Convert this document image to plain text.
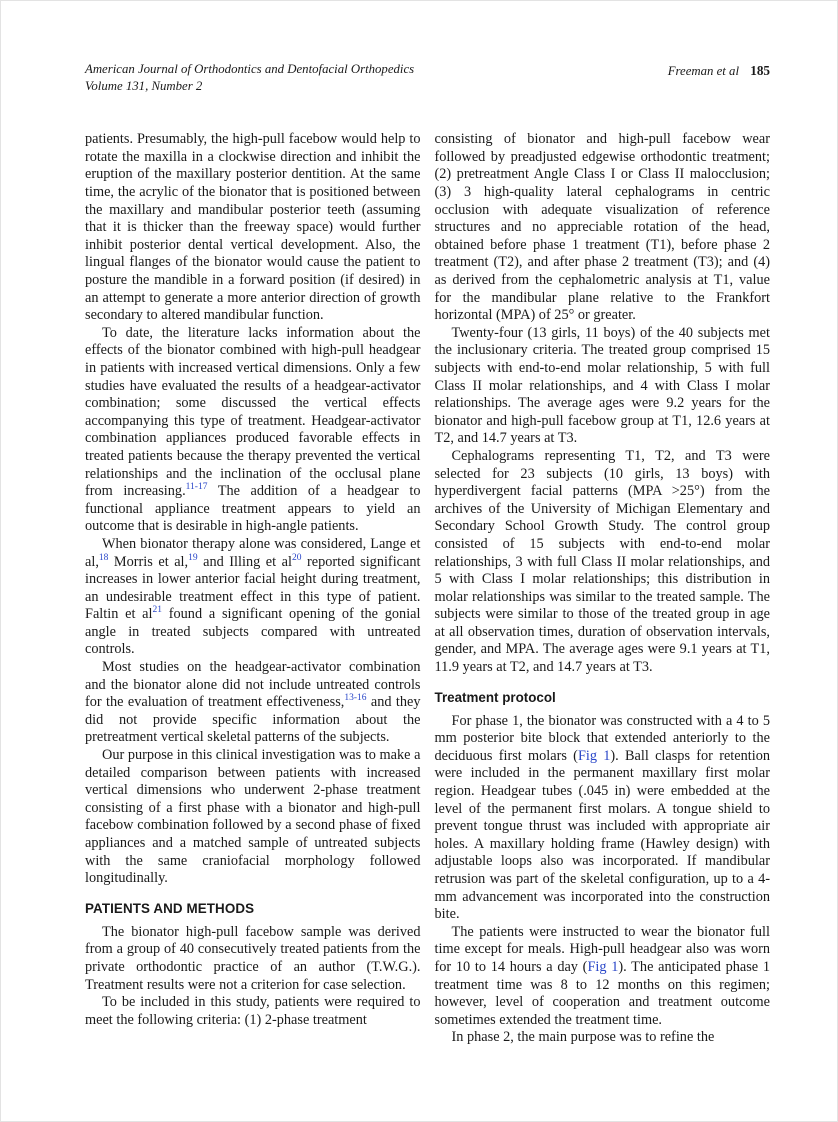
American Journal of Orthodontics and Dentofacial Orthopedics
Volume 131, Number 2
Freeman et al 185

patients. Presumably, the high-pull facebow would help to rotate the maxilla in a clockwise direction and inhibit the eruption of the maxillary posterior dentition. At the same time, the acrylic of the bionator that is positioned between the maxillary and mandibular posterior teeth (assuming that it is thicker than the freeway space) would further inhibit posterior dental vertical development. Also, the lingual flanges of the bionator would cause the patient to posture the mandible in a forward position (if desired) in an attempt to generate a more anterior direction of growth secondary to altered mandibular function.

To date, the literature lacks information about the effects of the bionator combined with high-pull headgear in patients with increased vertical dimensions. Only a few studies have evaluated the results of a headgear-activator combination; some discussed the vertical effects accompanying this type of treatment. Headgear-activator combination appliances produced favorable effects in treated patients because the therapy prevented the vertical relationships and the inclination of the occlusal plane from increasing.$^{11-17}$ The addition of a headgear to functional appliance treatment appears to yield an outcome that is desirable in high-angle patients.

When bionator therapy alone was considered, Lange et al,$^{18}$ Morris et al,$^{19}$ and Illing et al$^{20}$ reported significant increases in lower anterior facial height during treatment, an undesirable treatment effect in this type of patient. Faltin et al$^{21}$ found a significant opening of the gonial angle in treated subjects compared with untreated controls.

Most studies on the headgear-activator combination and the bionator alone did not include untreated controls for the evaluation of treatment effectiveness,$^{13-16}$ and they did not provide specific information about the pretreatment vertical skeletal patterns of the subjects.

Our purpose in this clinical investigation was to make a detailed comparison between patients with increased vertical dimensions who underwent 2-phase treatment consisting of a first phase with a bionator and high-pull facebow combination followed by a second phase of fixed appliances and a matched sample of untreated subjects with the same craniofacial morphology followed longitudinally.

PATIENTS AND METHODS

The bionator high-pull facebow sample was derived from a group of 40 consecutively treated patients from the private orthodontic practice of an author (T.W.G.). Treatment results were not a criterion for case selection.

To be included in this study, patients were required to meet the following criteria: (1) 2-phase treatment

consisting of bionator and high-pull facebow wear followed by preadjusted edgewise orthodontic treatment; (2) pretreatment Angle Class I or Class II malocclusion; (3) 3 high-quality lateral cephalograms in centric occlusion with adequate visualization of reference structures and no appreciable rotation of the head, obtained before phase 1 treatment (T1), before phase 2 treatment (T2), and after phase 2 treatment (T3); and (4) as derived from the cephalometric analysis at T1, value for the mandibular plane relative to the Frankfort horizontal (MPA) of 25° or greater.

Twenty-four (13 girls, 11 boys) of the 40 subjects met the inclusionary criteria. The treated group comprised 15 subjects with end-to-end molar relationship, 5 with full Class II molar relationships, and 4 with Class I molar relationships. The average ages were 9.2 years for the bionator and high-pull facebow group at T1, 12.6 years at T2, and 14.7 years at T3.

Cephalograms representing T1, T2, and T3 were selected for 23 subjects (10 girls, 13 boys) with hyperdivergent facial patterns (MPA >25°) from the archives of the University of Michigan Elementary and Secondary School Growth Study. The control group consisted of 15 subjects with end-to-end molar relationships, 3 with full Class II molar relationships, and 5 with Class I molar relationships; this distribution in molar relationships was similar to the treated sample. The subjects were similar to those of the treated group in age at all observation times, duration of observation intervals, gender, and MPA. The average ages were 9.1 years at T1, 11.9 years at T2, and 14.7 years at T3.

Treatment protocol

For phase 1, the bionator was constructed with a 4 to 5 mm posterior bite block that extended anteriorly to the deciduous first molars (Fig 1). Ball clasps for retention were included in the permanent maxillary first molar region. Headgear tubes (.045 in) were embedded at the level of the permanent first molars. A tongue shield to prevent tongue thrust was included with appropriate air holes. A maxillary holding frame (Hawley design) with adjustable loops also was incorporated. If mandibular retrusion was part of the skeletal configuration, up to a 4-mm advancement was incorporated into the construction bite.

The patients were instructed to wear the bionator full time except for meals. High-pull headgear also was worn for 10 to 14 hours a day (Fig 1). The anticipated phase 1 treatment time was 8 to 12 months on this regimen; however, level of cooperation and treatment outcome sometimes extended the treatment time.

In phase 2, the main purpose was to refine the
